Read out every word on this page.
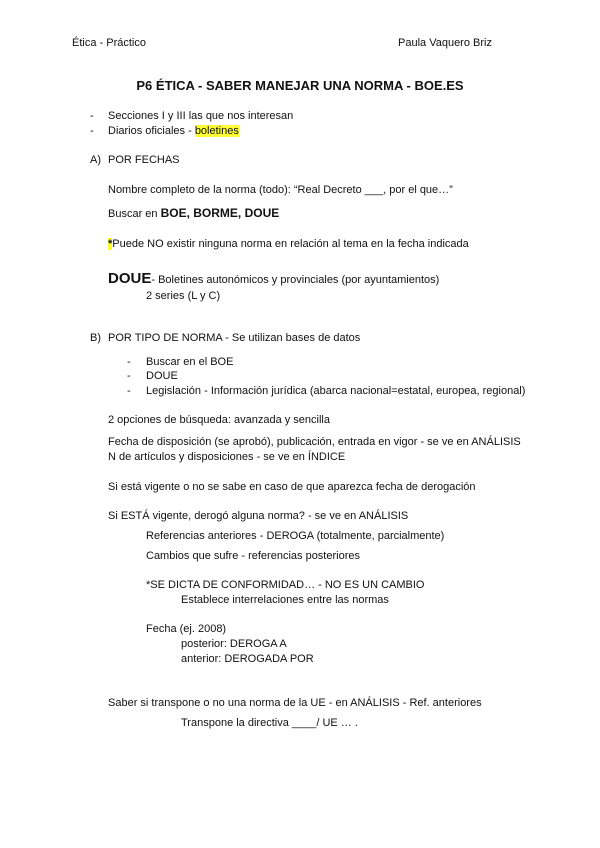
Ética - Práctico	Paula Vaquero Briz
P6 ÉTICA - SABER MANEJAR UNA NORMA - BOE.ES
- Secciones I y III las que nos interesan
- Diarios oficiales - boletines
A) POR FECHAS
Nombre completo de la norma (todo): “Real Decreto ___, por el que…”
Buscar en BOE, BORME, DOUE
*Puede NO existir ninguna norma en relación al tema en la fecha indicada
DOUE- Boletines autonómicos y provinciales (por ayuntamientos)
2 series (L y C)
B) POR TIPO DE NORMA - Se utilizan bases de datos
- Buscar en el BOE
- DOUE
- Legislación - Información jurídica (abarca nacional=estatal, europea, regional)
2 opciones de búsqueda: avanzada y sencilla
Fecha de disposición (se aprobó), publicación, entrada en vigor - se ve en ANÁLISIS
N de artículos y disposiciones - se ve en ÍNDICE
Si está vigente o no se sabe en caso de que aparezca fecha de derogación
Si ESTÁ vigente, derogó alguna norma? - se ve en ANÁLISIS
Referencias anteriores - DEROGA (totalmente, parcialmente)
Cambios que sufre - referencias posteriores
*SE DICTA DE CONFORMIDAD… - NO ES UN CAMBIO
Establece interrelaciones entre las normas
Fecha (ej. 2008)
posterior: DEROGA A
anterior: DEROGADA POR
Saber si transpone o no una norma de la UE - en ANÁLISIS - Ref. anteriores
Transpone la directiva ____/ UE … .
